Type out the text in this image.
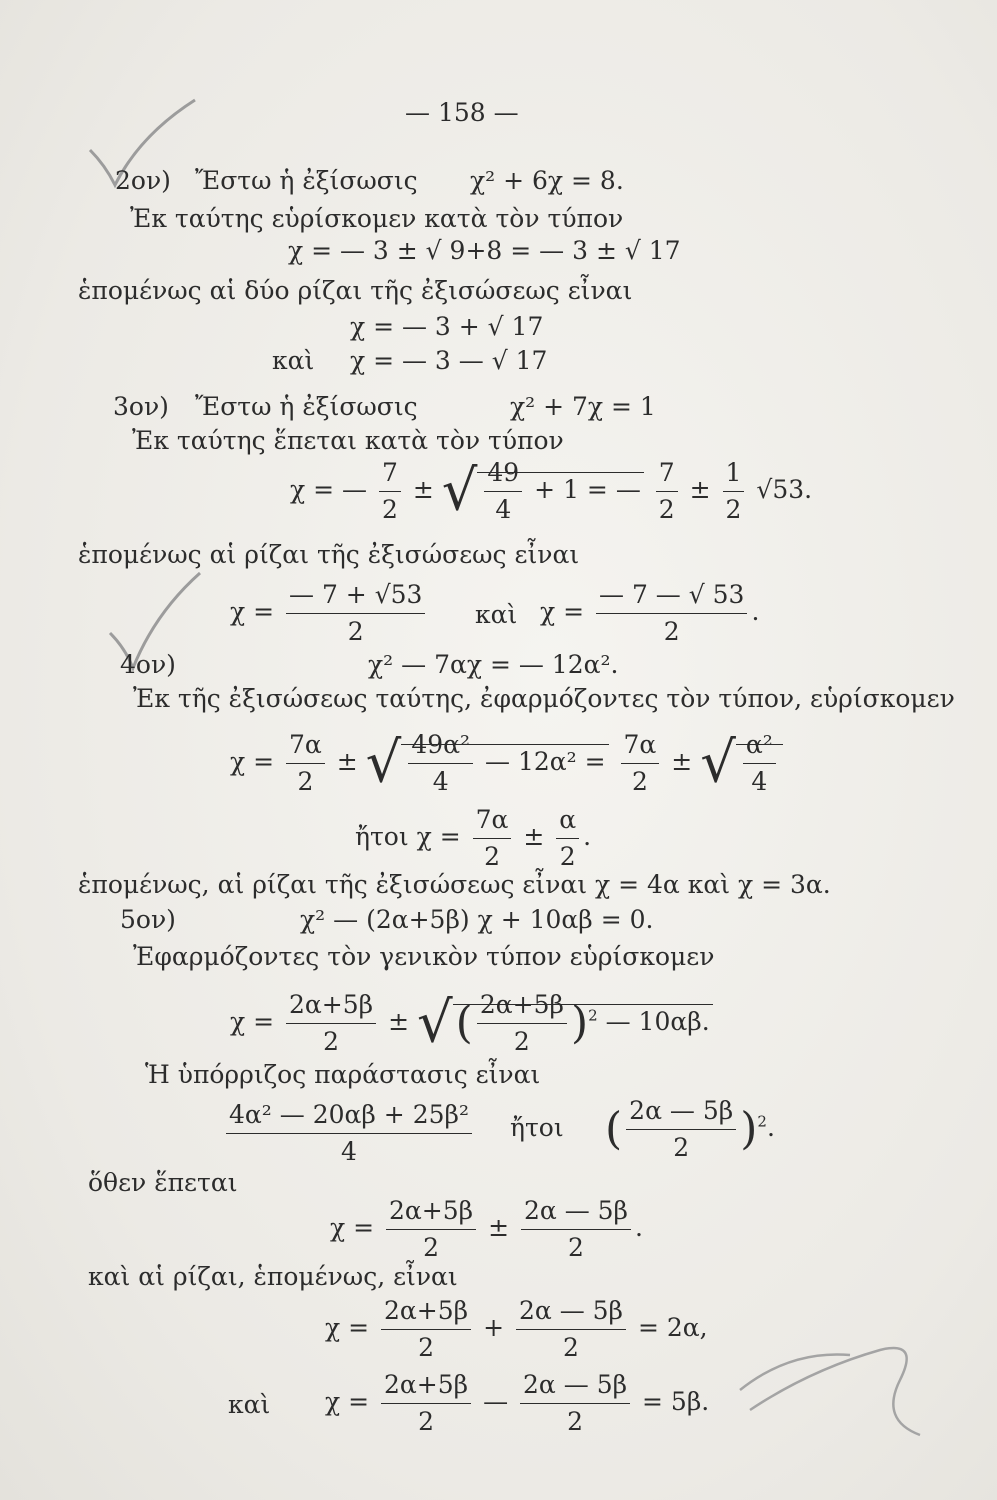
— 158 —
2ον) Ἔστω ἡ ἐξίσωσις χ² + 6χ = 8.
Ἐκ ταύτης εὑρίσκομεν κατὰ τὸν τύπον
χ = — 3 ± √ 9+8 = — 3 ± √ 17
ἑπομένως αἱ δύο ρίζαι τῆς ἐξισώσεως εἶναι
χ = — 3 + √ 17
καὶ χ = — 3 — √ 17
3ον) Ἔστω ἡ ἐξίσωσις	χ² + 7χ = 1
Ἐκ ταύτης ἕπεται κατὰ τὸν τύπον
χ = — $\frac{7}{2}$ ± √ $\frac{49}{4} + 1$ = — $\frac{7}{2} \pm \frac{1}{2} √53$.
ἑπομένως αἱ ρίζαι τῆς ἐξισώσεως εἶναι
$\chi = \frac{— 7 + √53}{2}$ καὶ $\chi = \frac{— 7 — √ 53}{2}$ .
4ον)	χ² — 7αχ = — 12α².
Ἐκ τῆς ἐξισώσεως ταύτης, ἐφαρμόζοντες τὸν τύπον, εὑρίσκομεν
$\chi = \frac{7\alpha}{2}$ ± √ $\frac{\text{49α²}}{4}$ — $12\alpha^2 = \frac{7\alpha}{2}$ ± √ $\frac{\text{α²}}{4}$
ἤτοι $\chi = \frac{7\alpha}{2} \pm \frac{\alpha}{2}$ .
ἑπομένως, αἱ ρίζαι τῆς ἐξισώσεως εἶναι χ = 4α καὶ χ = 3α.
5ον)	χ² — (2α+5β) χ + 10αβ = 0.
Ἐφαρμόζοντες τὸν γενικὸν τύπον εὑρίσκομεν
$\chi = \frac{2\alpha+5\beta}{2}$ ± √( $\frac{2\alpha+5\beta}{2} )^2$ — 10αβ.
Ἡ ὑπόρριζος παράστασις εἶναι
$\frac{\text{4α² — 20αβ + 25β²}}{4}$ ἤτοι ( $\frac{2\alpha — 5\beta}{2} )^2$.
ὅθεν ἕπεται
$\chi = \frac{2\alpha+5\beta}{2} \pm \frac{2\alpha — 5\beta}{2}$ .
καὶ αἱ ρίζαι, ἑπομένως, εἶναι
$\chi = \frac{2\alpha+5\beta}{2} + \frac{2\alpha — 5\beta}{2} = 2\alpha$,
καὶ $\chi = \frac{2\alpha+5\beta}{2}$ — $\frac{2\alpha — 5\beta}{2} = 5\beta$.
